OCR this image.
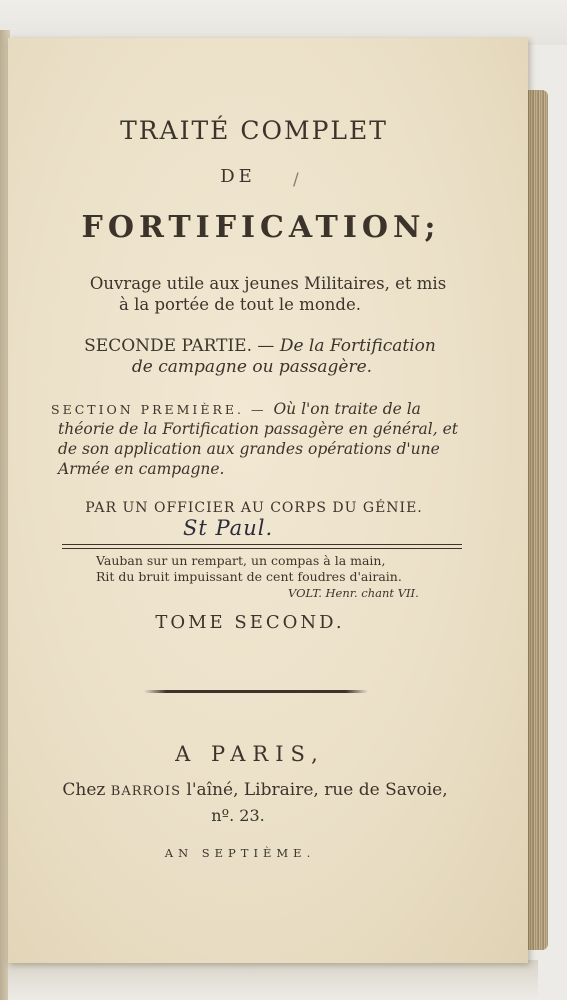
TRAITÉ COMPLET
DE	/
FORTIFICATION;
Ouvrage utile aux jeunes Militaires, et mis
à la portée de tout le monde.
SECONDE PARTIE. — De la Fortification
de campagne ou passagère.
SECTION PREMIÈRE. — Où l'on traite de la
théorie de la Fortification passagère en général, et
de son application aux grandes opérations d'une
Armée en campagne.
PAR UN OFFICIER AU CORPS DU GÉNIE.
St Paul.
Vauban sur un rempart, un compas à la main,
Rit du bruit impuissant de cent foudres d'airain.
VOLT. Henr. chant VII.
TOME SECOND.
A PARIS,
Chez BARROIS l'aîné, Libraire, rue de Savoie,
nº. 23.
AN SEPTIÈME.
